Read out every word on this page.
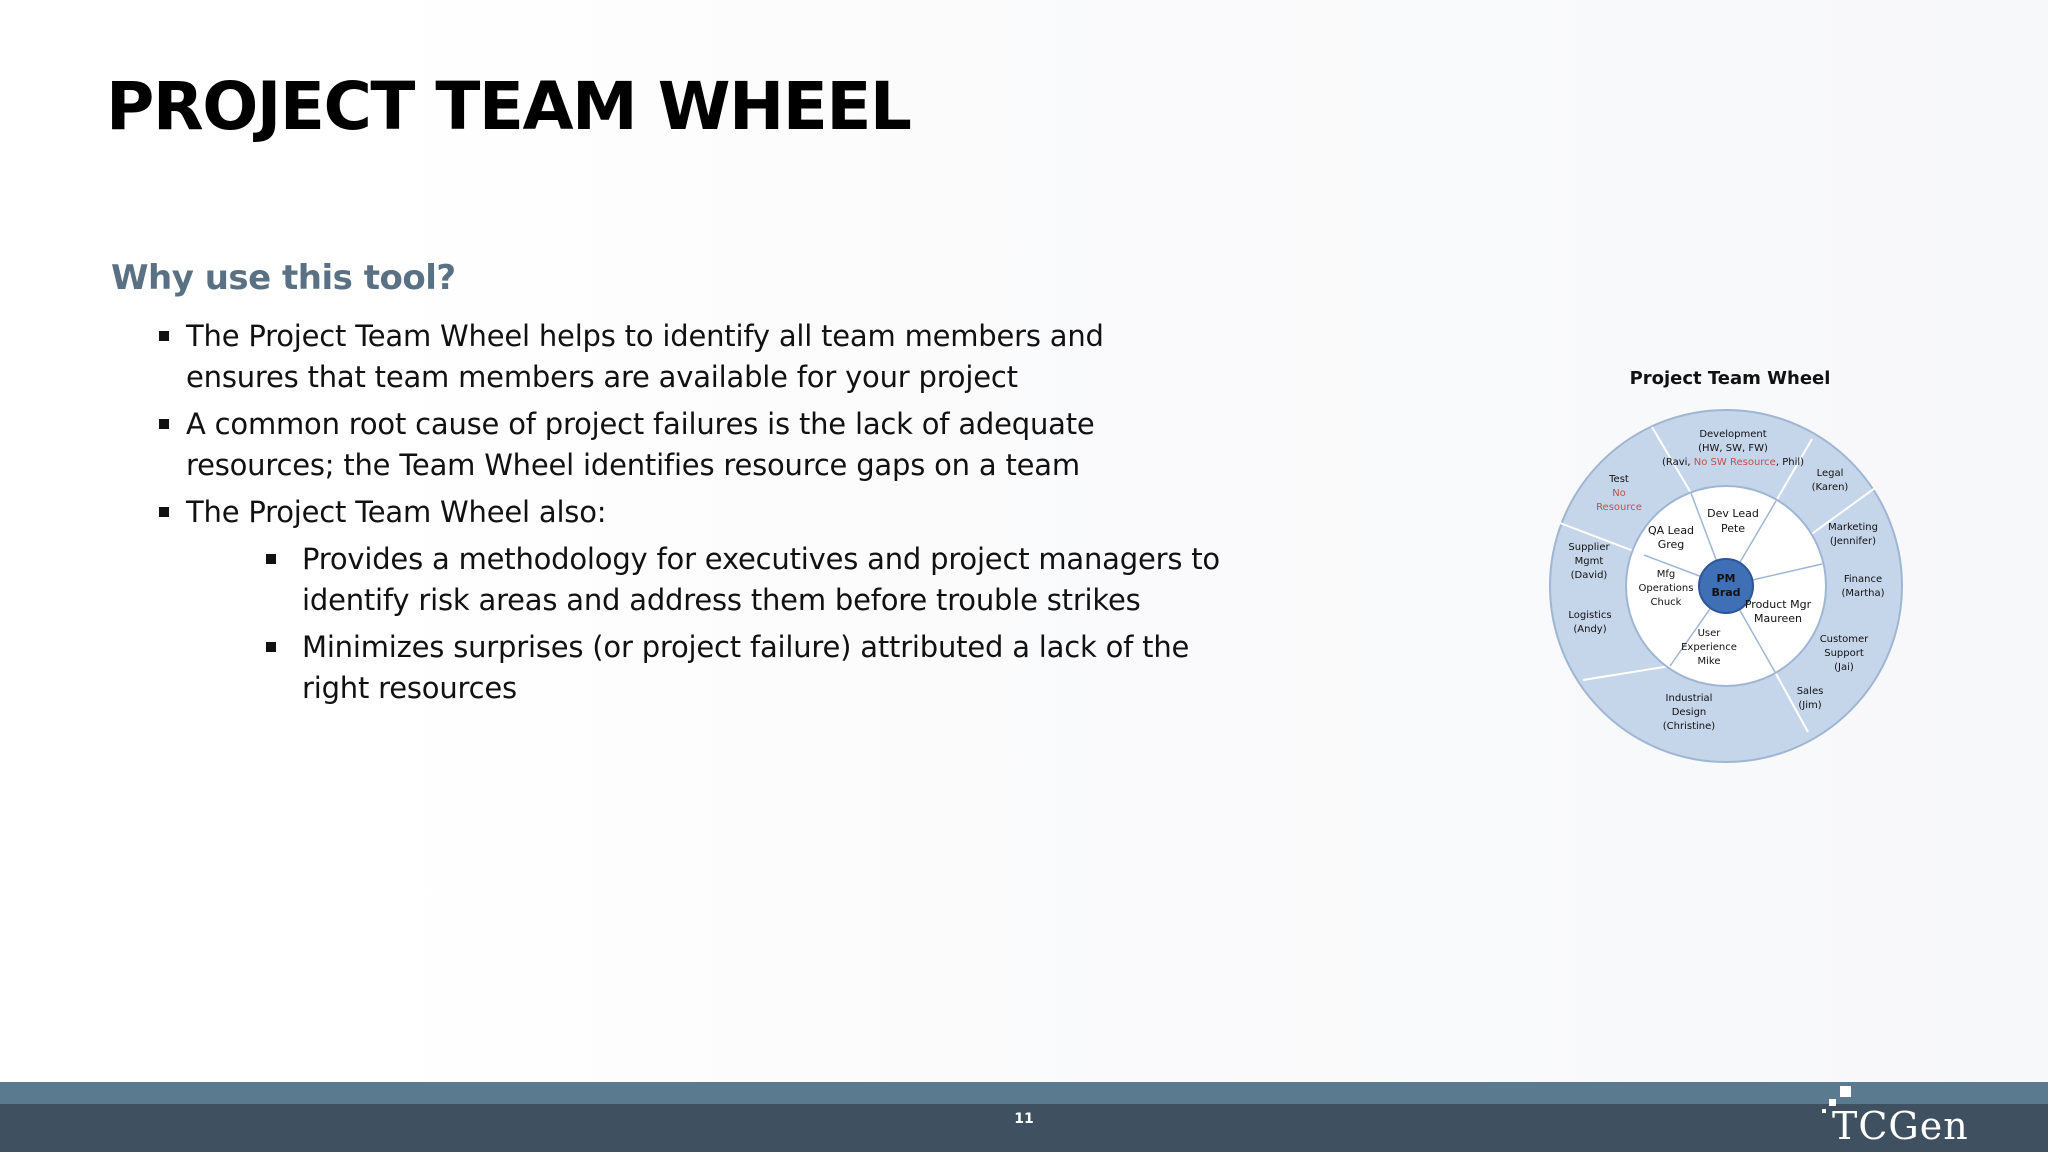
PROJECT TEAM WHEEL
Why use this tool?
The Project Team Wheel helps to identify all team members and ensures that team members are available for your project
A common root cause of project failures is the lack of adequate resources; the Team Wheel identifies resource gaps on a team
The Project Team Wheel also:
Provides a methodology for executives and project managers to identify risk areas and address them before trouble strikes
Minimizes surprises (or project failure) attributed a lack of the right resources
Project Team Wheel
PM
Brad
Dev Lead
Pete
QA Lead
Greg
Product Mgr
Maureen
Mfg
Operations
Chuck
User
Experience
Mike
Development
(HW, SW, FW)
(Ravi, No SW Resource, Phil)
Legal
(Karen)
Marketing
(Jennifer)
Finance
(Martha)
Customer
Support
(Jai)
Sales
(Jim)
Industrial
Design
(Christine)
Logistics
(Andy)
Supplier
Mgmt
(David)
Test
No
Resource
11	TCGen
